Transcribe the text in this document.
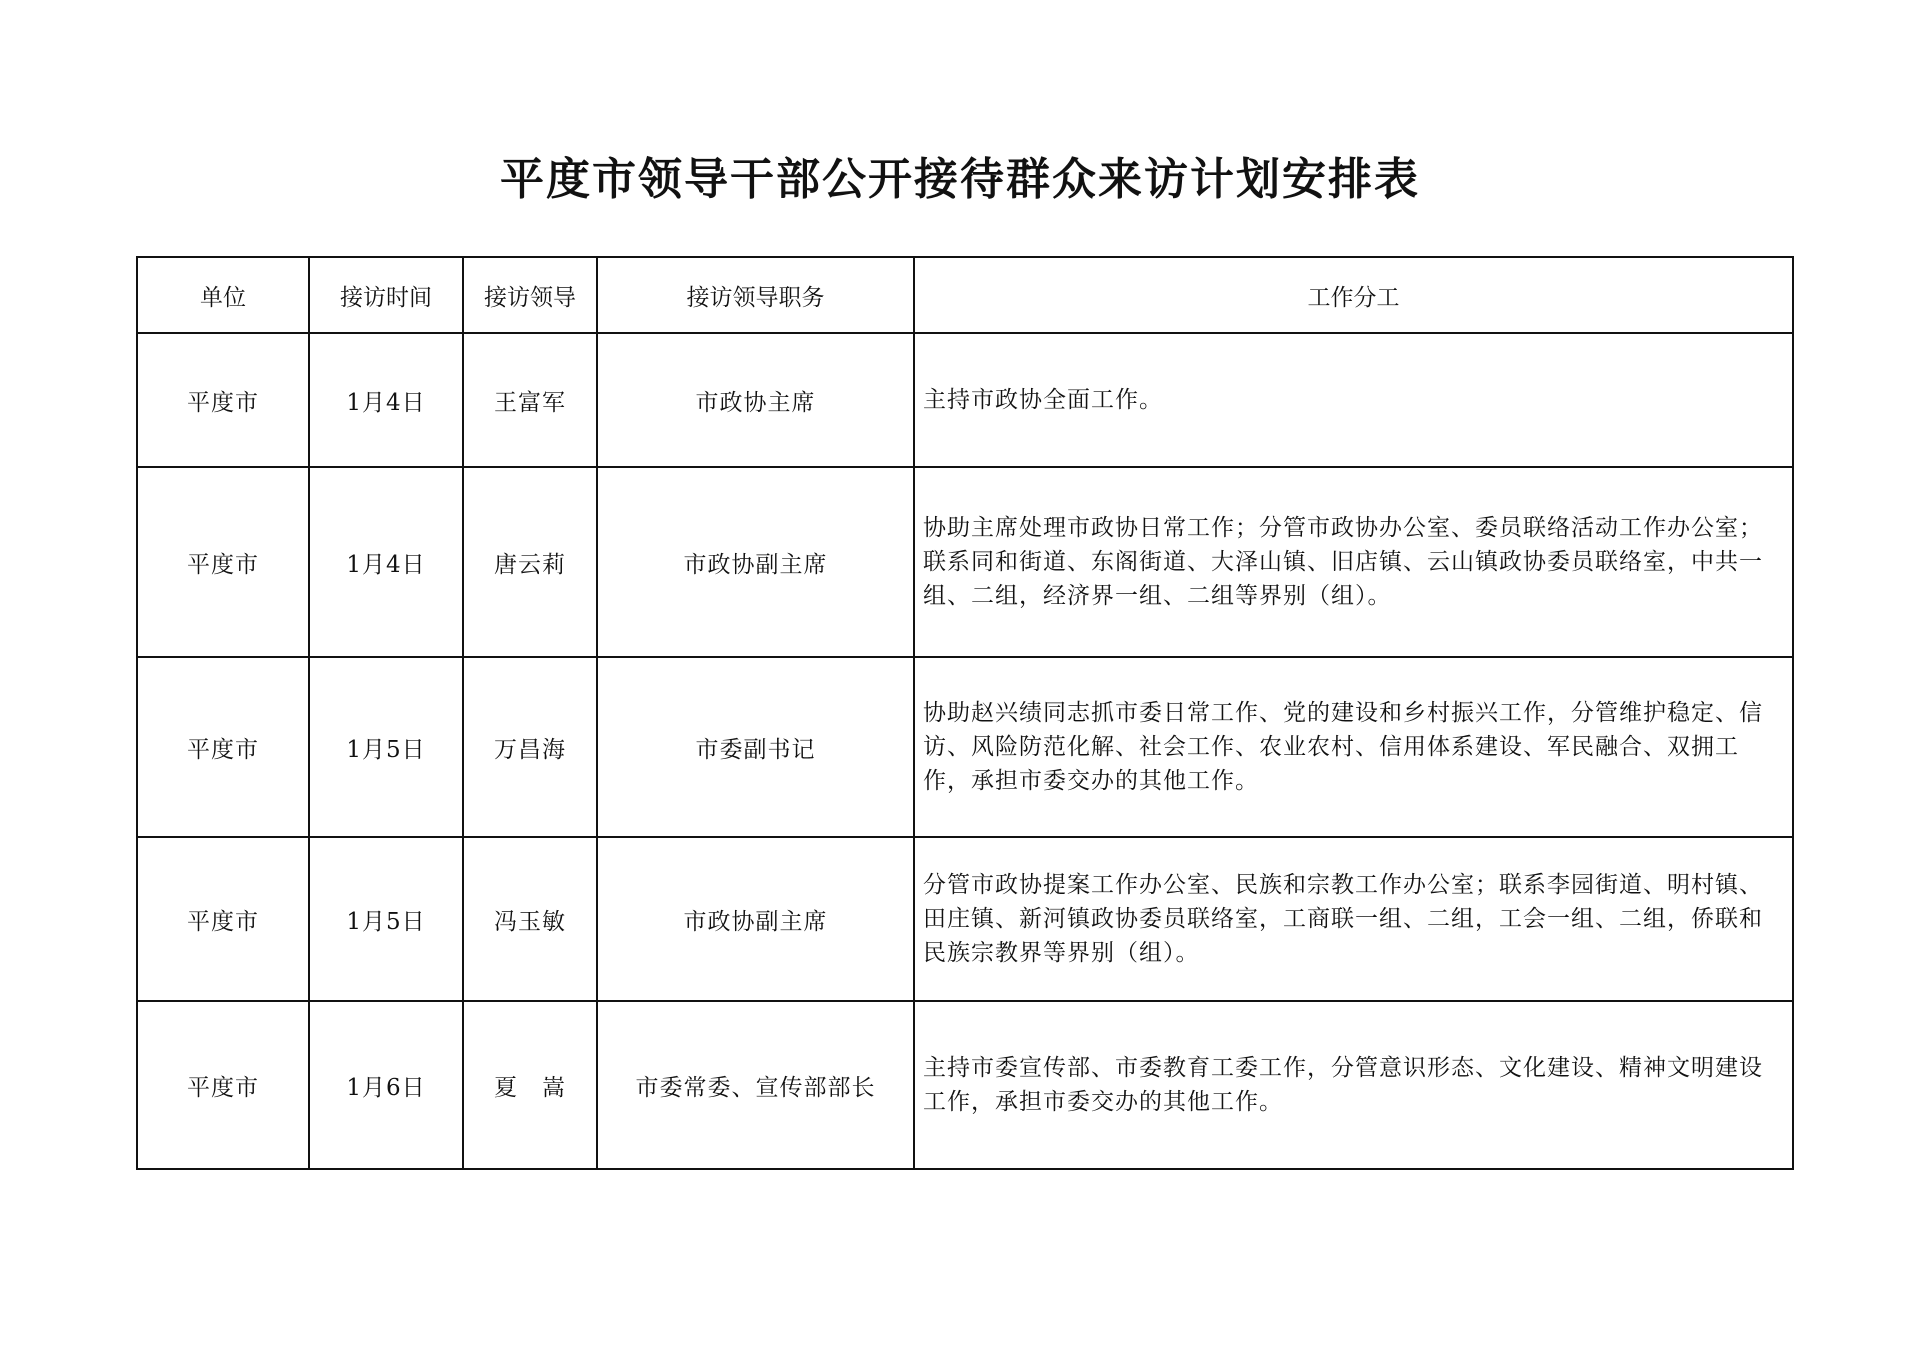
平度市领导干部公开接待群众来访计划安排表
单位	接访时间	接访领导	接访领导职务	工作分工
平度市	1月4日	王富军	市政协主席	主持市政协全面工作。
平度市	1月4日	唐云莉	市政协副主席	协助主席处理市政协日常工作；分管市政协办公室、委员联络活动工作办公室；联系同和街道、东阁街道、大泽山镇、旧店镇、云山镇政协委员联络室，中共一组、二组，经济界一组、二组等界别（组）。
平度市	1月5日	万昌海	市委副书记	协助赵兴绩同志抓市委日常工作、党的建设和乡村振兴工作，分管维护稳定、信访、风险防范化解、社会工作、农业农村、信用体系建设、军民融合、双拥工作，承担市委交办的其他工作。
平度市	1月5日	冯玉敏	市政协副主席	分管市政协提案工作办公室、民族和宗教工作办公室；联系李园街道、明村镇、田庄镇、新河镇政协委员联络室，工商联一组、二组，工会一组、二组，侨联和民族宗教界等界别（组）。
平度市	1月6日	夏　嵩	市委常委、宣传部部长	主持市委宣传部、市委教育工委工作，分管意识形态、文化建设、精神文明建设工作，承担市委交办的其他工作。
